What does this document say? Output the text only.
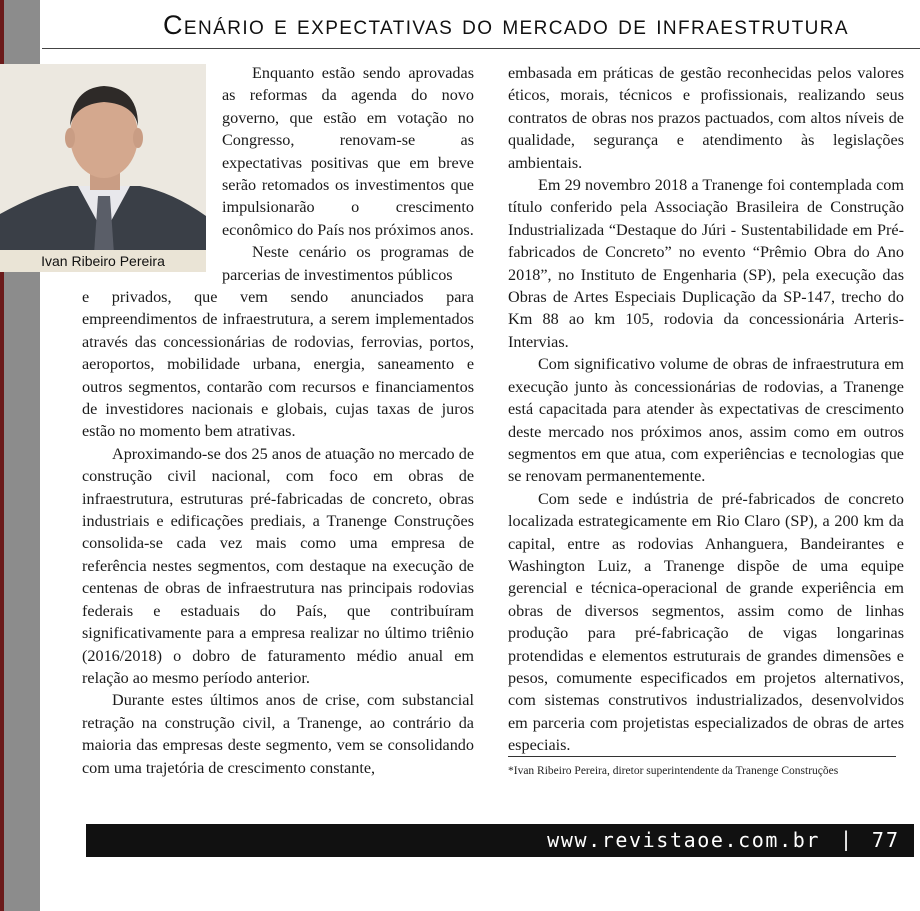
Cenário e expectativas do mercado de infraestrutura
Ivan Ribeiro Pereira

Enquanto estão sendo aprovadas as reformas da agenda do novo governo, que estão em votação no Congresso, renovam-se as expectativas positivas que em breve serão retomados os investimentos que impulsionarão o crescimento econômico do País nos próximos anos.

Neste cenário os programas de parcerias de investimentos públicos

e privados, que vem sendo anunciados para empreendimentos de infraestrutura, a serem implementados através das concessionárias de rodovias, ferrovias, portos, aeroportos, mobilidade urbana, energia, saneamento e outros segmentos, contarão com recursos e financiamentos de investidores nacionais e globais, cujas taxas de juros estão no momento bem atrativas.

Aproximando-se dos 25 anos de atuação no mercado de construção civil nacional, com foco em obras de infraestrutura, estruturas pré-fabricadas de concreto, obras industriais e edificações prediais, a Tranenge Construções consolida-se cada vez mais como uma empresa de referência nestes segmentos, com destaque na execução de centenas de obras de infraestrutura nas principais rodovias federais e estaduais do País, que contribuíram significativamente para a empresa realizar no último triênio (2016/2018) o dobro de faturamento médio anual em relação ao mesmo período anterior.

Durante estes últimos anos de crise, com substancial retração na construção civil, a Tranenge, ao contrário da maioria das empresas deste segmento, vem se consolidando com uma trajetória de crescimento constante,

embasada em práticas de gestão reconhecidas pelos valores éticos, morais, técnicos e profissionais, realizando seus contratos de obras nos prazos pactuados, com altos níveis de qualidade, segurança e atendimento às legislações ambientais.

Em 29 novembro 2018 a Tranenge foi contemplada com título conferido pela Associação Brasileira de Construção Industrializada “Destaque do Júri - Sustentabilidade em Pré-fabricados de Concreto” no evento “Prêmio Obra do Ano 2018”, no Instituto de Engenharia (SP), pela execução das Obras de Artes Especiais Duplicação da SP-147, trecho do Km 88 ao km 105, rodovia da concessionária Arteris-Intervias.

Com significativo volume de obras de infraestrutura em execução junto às concessionárias de rodovias, a Tranenge está capacitada para atender às expectativas de crescimento deste mercado nos próximos anos, assim como em outros segmentos em que atua, com experiências e tecnologias que se renovam permanentemente.

Com sede e indústria de pré-fabricados de concreto localizada estrategicamente em Rio Claro (SP), a 200 km da capital, entre as rodovias Anhanguera, Bandeirantes e Washington Luiz, a Tranenge dispõe de uma equipe gerencial e técnica-operacional de grande experiência em obras de diversos segmentos, assim como de linhas produção para pré-fabricação de vigas longarinas protendidas e elementos estruturais de grandes dimensões e pesos, comumente especificados em projetos alternativos, com sistemas construtivos industrializados, desenvolvidos em parceria com projetistas especializados de obras de artes especiais.

*Ivan Ribeiro Pereira, diretor superintendente da Tranenge Construções
www.revistaoe.com.br | 77
